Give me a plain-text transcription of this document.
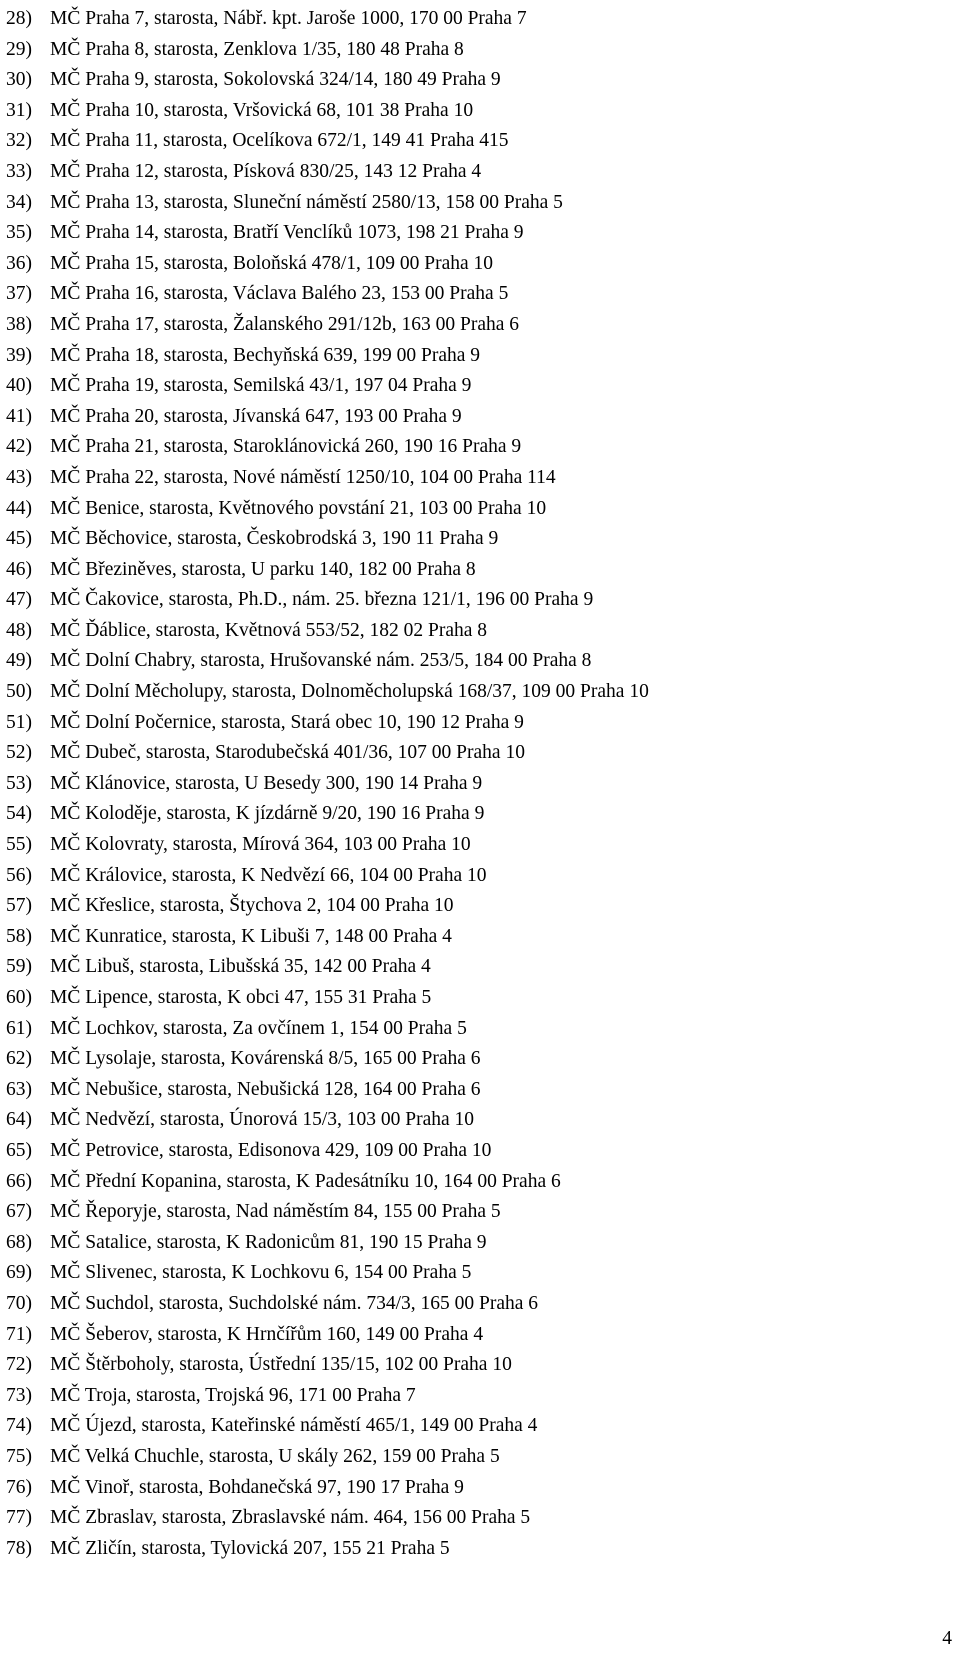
28) MČ Praha 7, starosta, Nábř. kpt. Jaroše 1000, 170 00 Praha 7
29) MČ Praha 8, starosta, Zenklova 1/35, 180 48 Praha 8
30) MČ Praha 9, starosta, Sokolovská 324/14, 180 49 Praha 9
31) MČ Praha 10, starosta, Vršovická 68, 101 38 Praha 10
32) MČ Praha 11, starosta, Ocelíkova 672/1, 149 41 Praha 415
33) MČ Praha 12, starosta, Písková 830/25, 143 12 Praha 4
34) MČ Praha 13, starosta, Sluneční náměstí 2580/13, 158 00 Praha 5
35) MČ Praha 14, starosta, Bratří Venclíků 1073, 198 21 Praha 9
36) MČ Praha 15, starosta, Boloňská 478/1, 109 00 Praha 10
37) MČ Praha 16, starosta, Václava Balého 23, 153 00 Praha 5
38) MČ Praha 17, starosta, Žalanského 291/12b, 163 00 Praha 6
39) MČ Praha 18, starosta, Bechyňská 639, 199 00 Praha 9
40) MČ Praha 19, starosta, Semilská 43/1, 197 04 Praha 9
41) MČ Praha 20, starosta, Jívanská 647, 193 00 Praha 9
42) MČ Praha 21, starosta, Staroklánovická 260, 190 16 Praha 9
43) MČ Praha 22, starosta, Nové náměstí 1250/10, 104 00 Praha 114
44) MČ Benice, starosta, Květnového povstání 21, 103 00 Praha 10
45) MČ Běchovice, starosta, Českobrodská 3, 190 11 Praha 9
46) MČ Březiněves, starosta, U parku 140, 182 00 Praha 8
47) MČ Čakovice, starosta, Ph.D., nám. 25. března 121/1, 196 00 Praha 9
48) MČ Ďáblice, starosta, Květnová 553/52, 182 02 Praha 8
49) MČ Dolní Chabry, starosta, Hrušovanské nám. 253/5, 184 00 Praha 8
50) MČ Dolní Měcholupy, starosta, Dolnoměcholupská 168/37, 109 00 Praha 10
51) MČ Dolní Počernice, starosta, Stará obec 10, 190 12 Praha 9
52) MČ Dubeč, starosta, Starodubečská 401/36, 107 00 Praha 10
53) MČ Klánovice, starosta, U Besedy 300, 190 14 Praha 9
54) MČ Koloděje, starosta, K jízdárně 9/20, 190 16 Praha 9
55) MČ Kolovraty, starosta, Mírová 364, 103 00 Praha 10
56) MČ Královice, starosta, K Nedvězí 66, 104 00 Praha 10
57) MČ Křeslice, starosta, Štychova 2, 104 00 Praha 10
58) MČ Kunratice, starosta, K Libuši 7, 148 00 Praha 4
59) MČ Libuš, starosta, Libušská 35, 142 00 Praha 4
60) MČ Lipence, starosta, K obci 47, 155 31 Praha 5
61) MČ Lochkov, starosta, Za ovčínem 1, 154 00 Praha 5
62) MČ Lysolaje, starosta, Kovárenská 8/5, 165 00 Praha 6
63) MČ Nebušice, starosta, Nebušická 128, 164 00 Praha 6
64) MČ Nedvězí, starosta, Únorová 15/3, 103 00 Praha 10
65) MČ Petrovice, starosta, Edisonova 429, 109 00 Praha 10
66) MČ Přední Kopanina, starosta, K Padesátníku 10, 164 00 Praha 6
67) MČ Řeporyje, starosta, Nad náměstím 84, 155 00 Praha 5
68) MČ Satalice, starosta, K Radonicům 81, 190 15 Praha 9
69) MČ Slivenec, starosta, K Lochkovu 6, 154 00 Praha 5
70) MČ Suchdol, starosta, Suchdolské nám. 734/3, 165 00 Praha 6
71) MČ Šeberov, starosta, K Hrnčířům 160, 149 00 Praha 4
72) MČ Štěrboholy, starosta, Ústřední 135/15, 102 00 Praha 10
73) MČ Troja, starosta, Trojská 96, 171 00 Praha 7
74) MČ Újezd, starosta, Kateřinské náměstí 465/1, 149 00 Praha 4
75) MČ Velká Chuchle, starosta, U skály 262, 159 00 Praha 5
76) MČ Vinoř, starosta, Bohdanečská 97, 190 17 Praha 9
77) MČ Zbraslav, starosta, Zbraslavské nám. 464, 156 00 Praha 5
78) MČ Zličín, starosta, Tylovická 207, 155 21 Praha 5
4
